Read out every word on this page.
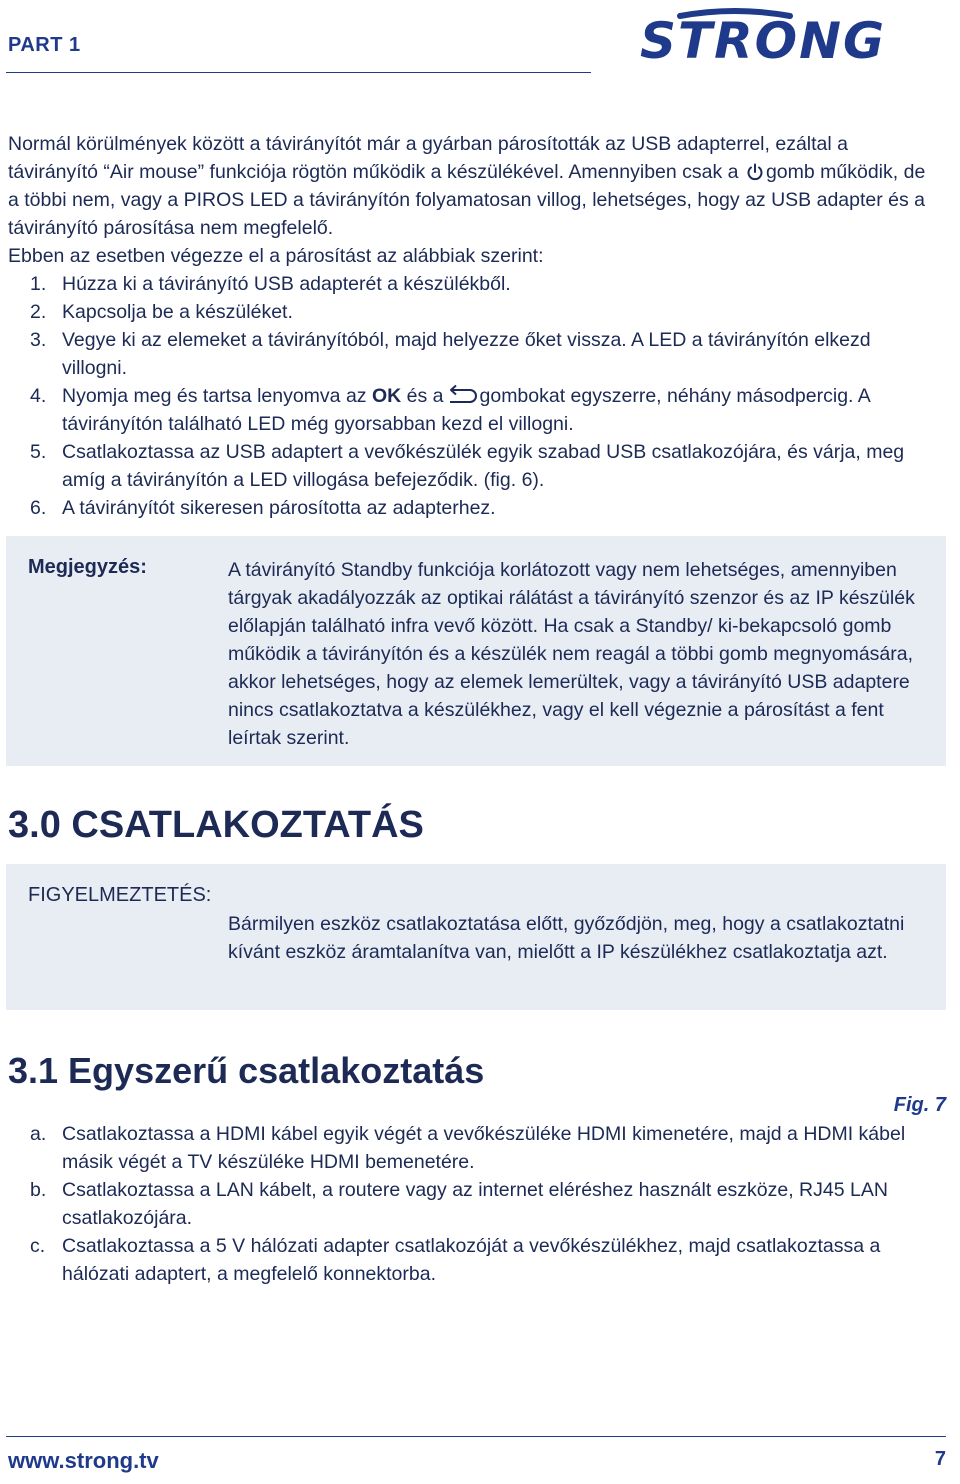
PART 1	STRONG

Normál körülmények között a távirányítót már a gyárban párosították az USB adapterrel, ezáltal a távirányító “Air mouse” funkciója rögtön működik a készülékével. Amennyiben csak a gomb működik, de a többi nem, vagy a PIROS LED a távirányítón folyamatosan villog, lehetséges, hogy az USB adapter és a távirányító párosítása nem megfelelő.

Ebben az esetben végezze el a párosítást az alábbiak szerint:

1. Húzza ki a távirányító USB adapterét a készülékből.
2. Kapcsolja be a készüléket.
3. Vegye ki az elemeket a távirányítóból, majd helyezze őket vissza. A LED a távirányítón elkezd villogni.
4. Nyomja meg és tartsa lenyomva az OK és a gombokat egyszerre, néhány másodpercig. A távirányítón található LED még gyorsabban kezd el villogni.
5. Csatlakoztassa az USB adaptert a vevőkészülék egyik szabad USB csatlakozójára, és várja, meg amíg a távirányítón a LED villogása befejeződik. (fig. 6).
6. A távirányítót sikeresen párosította az adapterhez.
Megjegyzés:	A távirányító Standby funkciója korlátozott vagy nem lehetséges, amennyiben tárgyak akadályozzák az optikai rálátást a távirányító szenzor és az IP készülék előlapján található infra vevő között. Ha csak a Standby/ ki-bekapcsoló gomb működik a távirányítón és a készülék nem reagál a többi gomb megnyomására, akkor lehetséges, hogy az elemek lemerültek, vagy a távirányító USB adaptere nincs csatlakoztatva a készülékhez, vagy el kell végeznie a párosítást a fent leírtak szerint.
3.0 CSATLAKOZTATÁS
FIGYELMEZTETÉS:
Bármilyen eszköz csatlakoztatása előtt, győződjön, meg, hogy a csatlakoztatni kívánt eszköz áramtalanítva van, mielőtt a IP készülékhez csatlakoztatja azt.
3.1 Egyszerű csatlakoztatás
Fig. 7
a. Csatlakoztassa a HDMI kábel egyik végét a vevőkészüléke HDMI kimenetére, majd a HDMI kábel másik végét a TV készüléke HDMI bemenetére.
b. Csatlakoztassa a LAN kábelt, a routere vagy az internet eléréshez használt eszköze, RJ45 LAN csatlakozójára.
c. Csatlakoztassa a 5 V hálózati adapter csatlakozóját a vevőkészülékhez, majd csatlakoztassa a hálózati adaptert, a megfelelő konnektorba.
www.strong.tv	7
